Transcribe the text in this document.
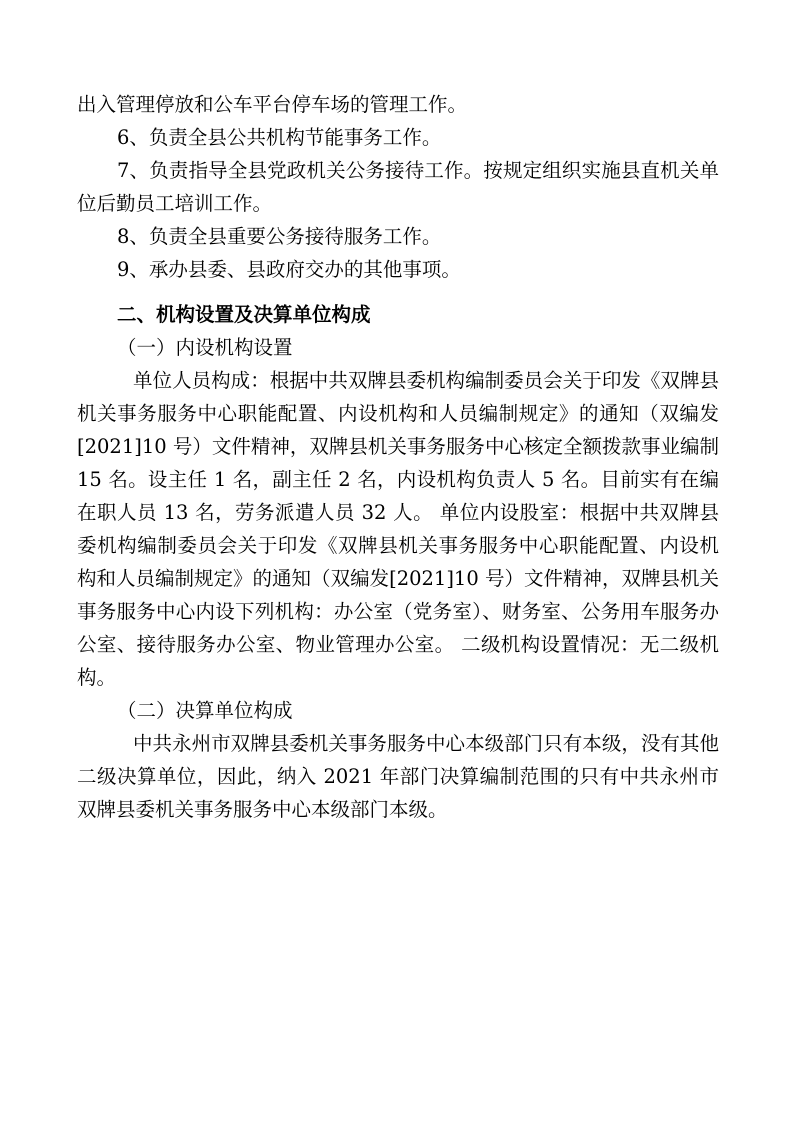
出入管理停放和公车平台停车场的管理工作。

6、负责全县公共机构节能事务工作。

7、负责指导全县党政机关公务接待工作。按规定组织实施县直机关单位后勤员工培训工作。

8、负责全县重要公务接待服务工作。

9、承办县委、县政府交办的其他事项。

二、机构设置及决算单位构成

（一）内设机构设置

单位人员构成：根据中共双牌县委机构编制委员会关于印发《双牌县机关事务服务中心职能配置、内设机构和人员编制规定》的通知（双编发[2021]10 号）文件精神，双牌县机关事务服务中心核定全额拨款事业编制 15 名。设主任 1 名，副主任 2 名，内设机构负责人 5 名。目前实有在编在职人员 13 名，劳务派遣人员 32 人。 单位内设股室：根据中共双牌县委机构编制委员会关于印发《双牌县机关事务服务中心职能配置、内设机构和人员编制规定》的通知（双编发[2021]10 号）文件精神，双牌县机关事务服务中心内设下列机构：办公室（党务室）、财务室、公务用车服务办公室、接待服务办公室、物业管理办公室。 二级机构设置情况：无二级机构。

（二）决算单位构成

中共永州市双牌县委机关事务服务中心本级部门只有本级，没有其他二级决算单位，因此，纳入 2021 年部门决算编制范围的只有中共永州市双牌县委机关事务服务中心本级部门本级。
